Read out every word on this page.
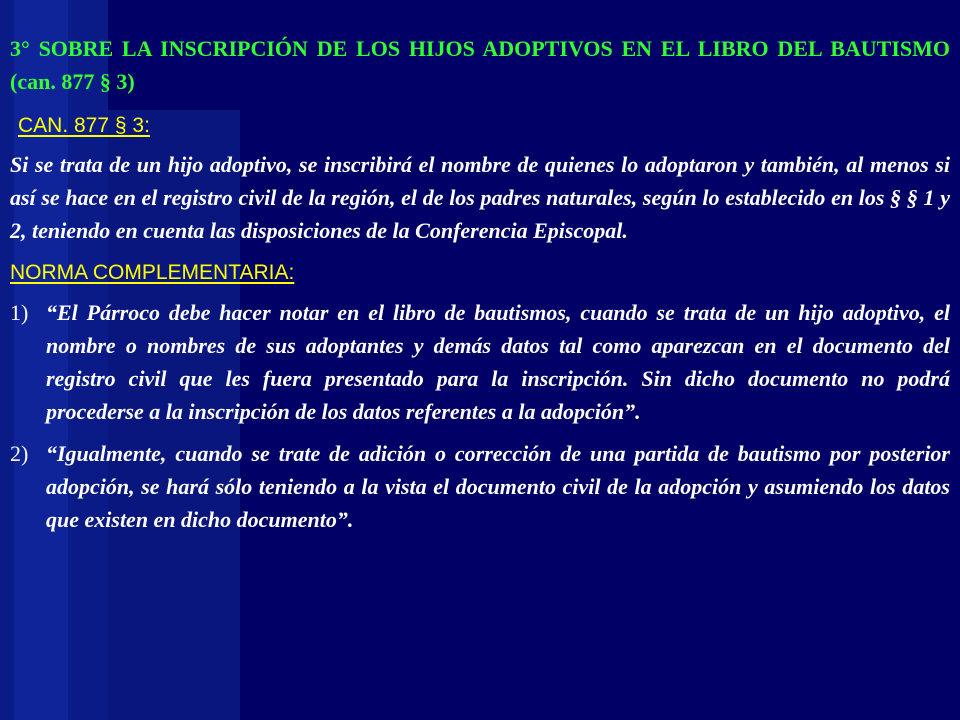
3° SOBRE LA INSCRIPCIÓN DE LOS HIJOS ADOPTIVOS EN EL LIBRO DEL BAUTISMO (can. 877 § 3)

CAN. 877 § 3:

Si se trata de un hijo adoptivo, se inscribirá el nombre de quienes lo adoptaron y también, al menos si así se hace en el registro civil de la región, el de los padres naturales, según lo establecido en los § § 1 y 2, teniendo en cuenta las disposiciones de la Conferencia Episcopal.

NORMA COMPLEMENTARIA:
1) “El Párroco debe hacer notar en el libro de bautismos, cuando se trata de un hijo adoptivo, el nombre o nombres de sus adoptantes y demás datos tal como aparezcan en el documento del registro civil que les fuera presentado para la inscripción. Sin dicho documento no podrá procederse a la inscripción de los datos referentes a la adopción”.
2) “Igualmente, cuando se trate de adición o corrección de una partida de bautismo por posterior adopción, se hará sólo teniendo a la vista el documento civil de la adopción y asumiendo los datos que existen en dicho documento”.
